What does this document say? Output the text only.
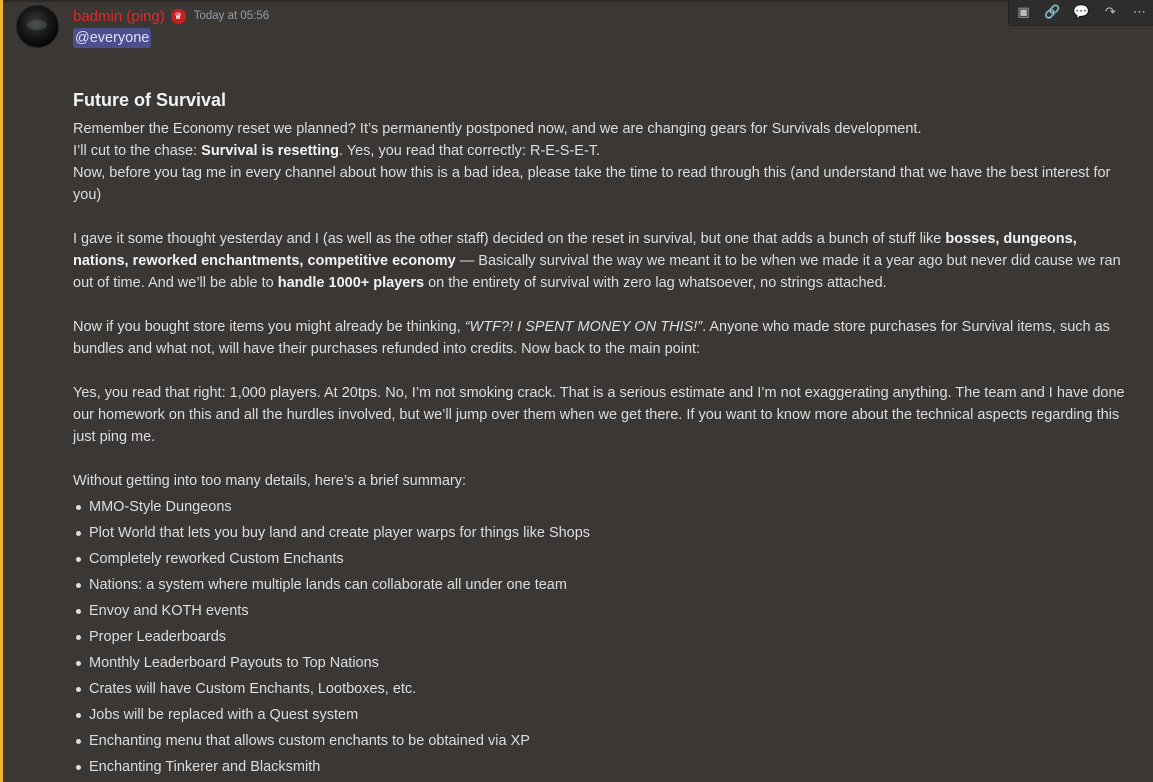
badmin (ping)	♛ Today at 05:56
@everyone
▣	🔗 💬	↷	⋯
Future of Survival

Remember the Economy reset we planned? It’s permanently postponed now, and we are changing gears for Survivals development.

I’ll cut to the chase: Survival is resetting. Yes, you read that correctly: R-E-S-E-T.

Now, before you tag me in every channel about how this is a bad idea, please take the time to read through this (and understand that we have the best interest for you)

I gave it some thought yesterday and I (as well as the other staff) decided on the reset in survival, but one that adds a bunch of stuff like bosses, dungeons, nations, reworked enchantments, competitive economy — Basically survival the way we meant it to be when we made it a year ago but never did cause we ran out of time. And we’ll be able to handle 1000+ players on the entirety of survival with zero lag whatsoever, no strings attached.

Now if you bought store items you might already be thinking, “WTF?! I SPENT MONEY ON THIS!”. Anyone who made store purchases for Survival items, such as bundles and what not, will have their purchases refunded into credits. Now back to the main point:

Yes, you read that right: 1,000 players. At 20tps. No, I’m not smoking crack. That is a serious estimate and I’m not exaggerating anything. The team and I have done our homework on this and all the hurdles involved, but we’ll jump over them when we get there. If you want to know more about the technical aspects regarding this just ping me.

Without getting into too many details, here’s a brief summary:

MMO-Style Dungeons
Plot World that lets you buy land and create player warps for things like Shops
Completely reworked Custom Enchants
Nations: a system where multiple lands can collaborate all under one team
Envoy and KOTH events
Proper Leaderboards
Monthly Leaderboard Payouts to Top Nations
Crates will have Custom Enchants, Lootboxes, etc.
Jobs will be replaced with a Quest system
Enchanting menu that allows custom enchants to be obtained via XP
Enchanting Tinkerer and Blacksmith
